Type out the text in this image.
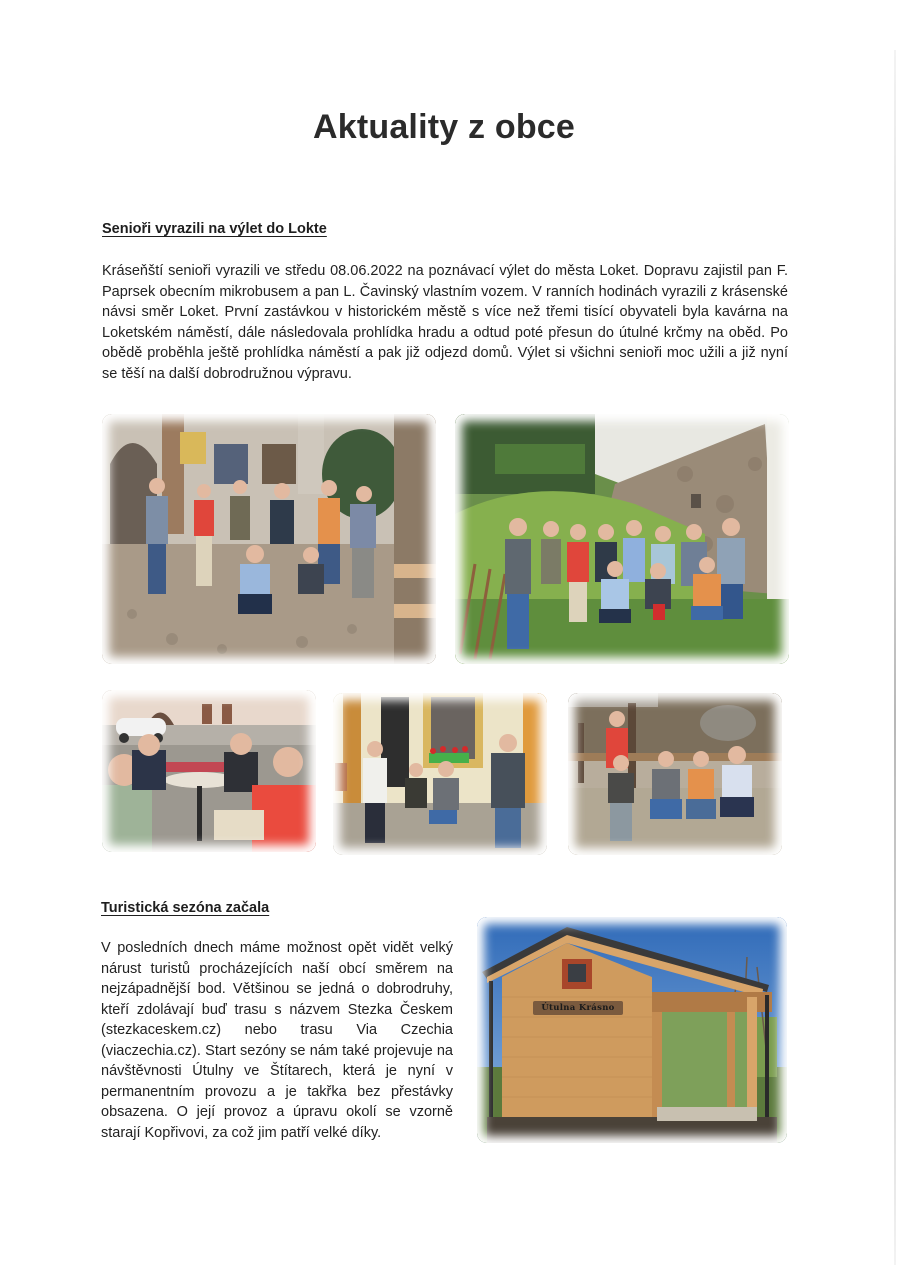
Aktuality z obce
Senioři vyrazili na výlet do Lokte

Kráseňští senioři vyrazili ve středu 08.06.2022 na poznávací výlet do města Loket. Dopravu zajistil pan F. Paprsek obecním mikrobusem a pan L. Čavinský vlastním vozem. V ranních hodinách vyrazili z krásenské návsi směr Loket. První zastávkou v historickém městě s více než třemi tisící obyvateli byla kavárna na Loketském náměstí, dále následovala prohlídka hradu a odtud poté přesun do útulné krčmy na oběd. Po obědě proběhla ještě prohlídka náměstí a pak již odjezd domů. Výlet si všichni senioři moc užili a již nyní se těší na další dobrodružnou výpravu.

Turistická sezóna začala

V posledních dnech máme možnost opět vidět velký nárust turistů procházejících naší obcí směrem na nejzápadnější bod. Většinou se jedná o dobrodruhy, kteří zdolávají buď trasu s názvem Stezka Českem (stezkaceskem.cz) nebo trasu Via Czechia (viaczechia.cz). Start sezóny se nám také projevuje na návštěvnosti Útulny ve Štítarech, která je nyní v permanentním provozu a je takřka bez přestávky obsazena. O její provoz a úpravu okolí se vzorně starají Kopřivovi, za což jim patří velké díky.

Útulna Krásno
